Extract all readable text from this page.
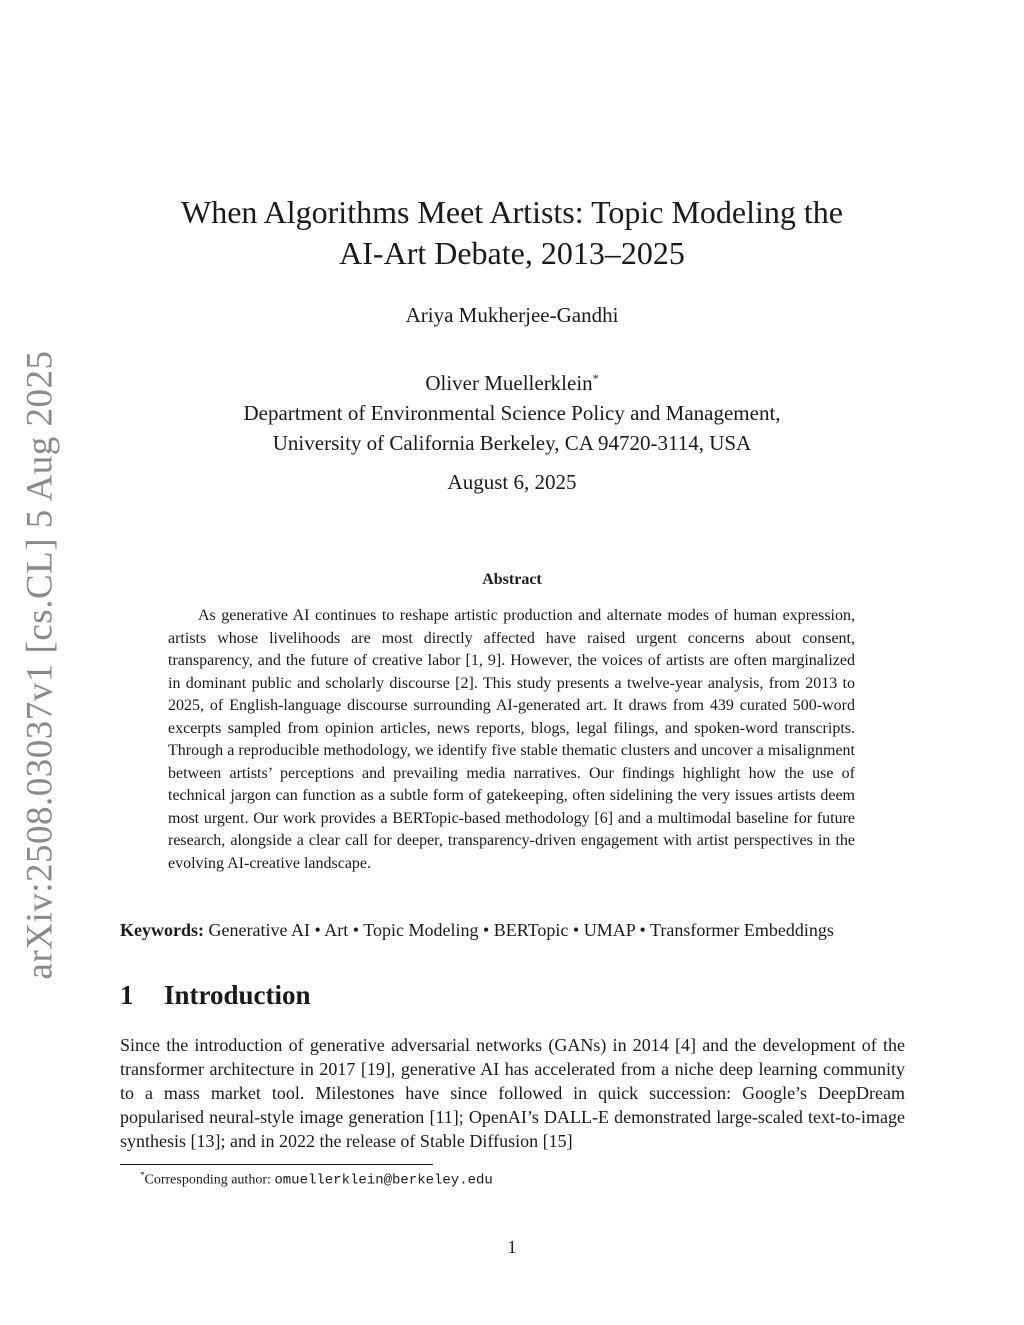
arXiv:2508.03037v1 [cs.CL] 5 Aug 2025
When Algorithms Meet Artists: Topic Modeling the
AI-Art Debate, 2013–2025
Ariya Mukherjee-Gandhi
Oliver Muellerklein*
Department of Environmental Science Policy and Management,
University of California Berkeley, CA 94720-3114, USA
August 6, 2025
Abstract

As generative AI continues to reshape artistic production and alternate modes of human expression, artists whose livelihoods are most directly affected have raised urgent concerns about consent, transparency, and the future of creative labor [1, 9]. However, the voices of artists are often marginalized in dominant public and scholarly discourse [2]. This study presents a twelve-year analysis, from 2013 to 2025, of English-language discourse surrounding AI-generated art. It draws from 439 curated 500-word excerpts sampled from opinion articles, news reports, blogs, legal filings, and spoken-word transcripts. Through a reproducible methodology, we identify five stable thematic clusters and uncover a misalignment between artists’ perceptions and prevailing media narratives. Our findings highlight how the use of technical jargon can function as a subtle form of gatekeeping, often sidelining the very issues artists deem most urgent. Our work provides a BERTopic-based methodology [6] and a multimodal baseline for future research, alongside a clear call for deeper, transparency-driven engagement with artist perspectives in the evolving AI-creative landscape.

Keywords: Generative AI • Art • Topic Modeling • BERTopic • UMAP • Transformer Embeddings
1 Introduction

Since the introduction of generative adversarial networks (GANs) in 2014 [4] and the development of the transformer architecture in 2017 [19], generative AI has accelerated from a niche deep learning community to a mass market tool. Milestones have since followed in quick succession: Google’s DeepDream popularised neural-style image generation [11]; OpenAI’s DALL-E demonstrated large-scaled text-to-image synthesis [13]; and in 2022 the release of Stable Diffusion [15]

*Corresponding author: omuellerklein@berkeley.edu
1
